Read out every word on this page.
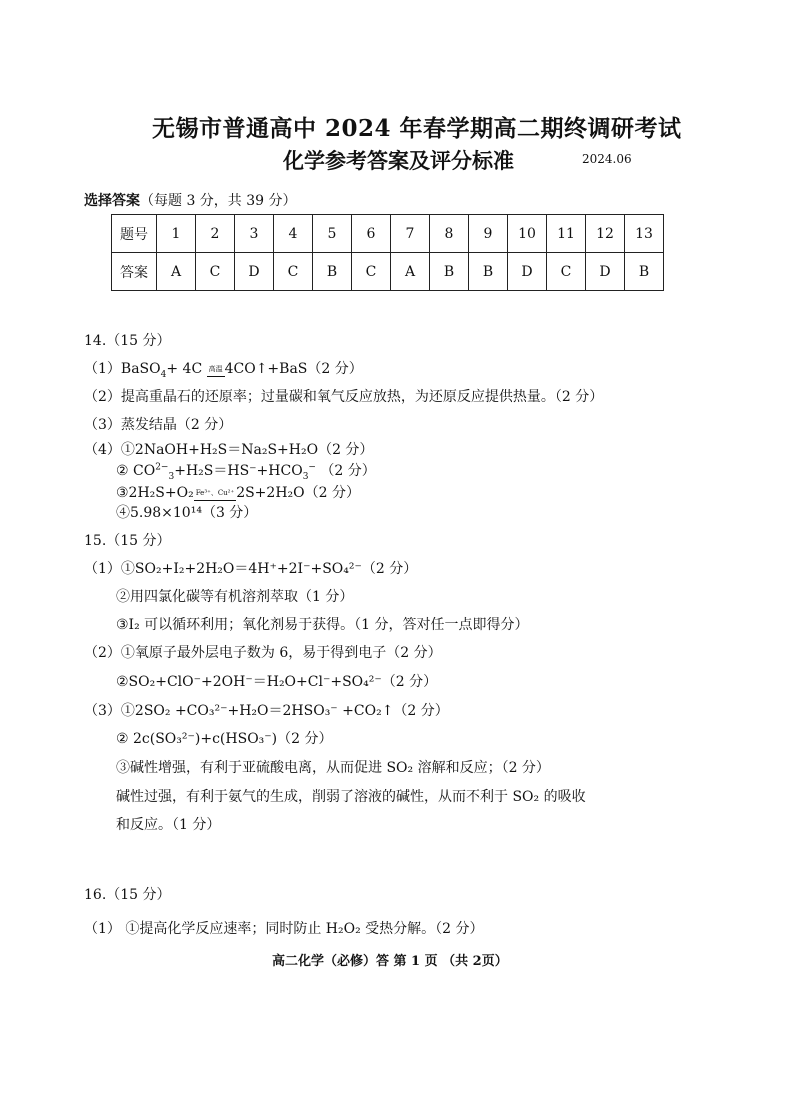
无锡市普通高中 2024 年春学期高二期终调研考试
化学参考答案及评分标准	2024.06
选择答案（每题 3 分，共 39 分）
题号	1	2	3	4	5	6	7	8	9	10	11	12	13
答案	A	C	D	C	B	C	A	B	B	D	C	D	B
14.（15 分）
（1）BaSO$_4$+ 4C 高温 4CO↑+BaS（2 分）
（2）提高重晶石的还原率；过量碳和氧气反应放热，为还原反应提供热量。（2 分）
（3）蒸发结晶（2 分）
（4）①2NaOH+H₂S＝Na₂S+H₂O（2 分）
② $CO^{2-}_3+H_2S=HS^-+HCO_3^-$ （2 分）
③2H₂S+O₂ Fe³⁺、Cu²⁺ 2S+2H₂O（2 分）
④5.98×10¹⁴（3 分）
15.（15 分）
（1）①SO₂+I₂+2H₂O＝4H⁺+2I⁻+SO₄²⁻（2 分）
②用四氯化碳等有机溶剂萃取（1 分）
③I₂ 可以循环利用；氧化剂易于获得。（1 分，答对任一点即得分）
（2）①氧原子最外层电子数为 6，易于得到电子（2 分）
②SO₂+ClO⁻+2OH⁻＝H₂O+Cl⁻+SO₄²⁻（2 分）
（3）①2SO₂ +CO₃²⁻+H₂O＝2HSO₃⁻ +CO₂↑（2 分）
② 2c(SO₃²⁻)+c(HSO₃⁻)（2 分）
③碱性增强，有利于亚硫酸电离，从而促进 SO₂ 溶解和反应；（2 分）
碱性过强，有利于氨气的生成，削弱了溶液的碱性，从而不利于 SO₂ 的吸收
和反应。（1 分）
16.（15 分）
（1） ①提高化学反应速率；同时防止 H₂O₂ 受热分解。（2 分）
高二化学（必修）答 第 1 页 （共 2页）
